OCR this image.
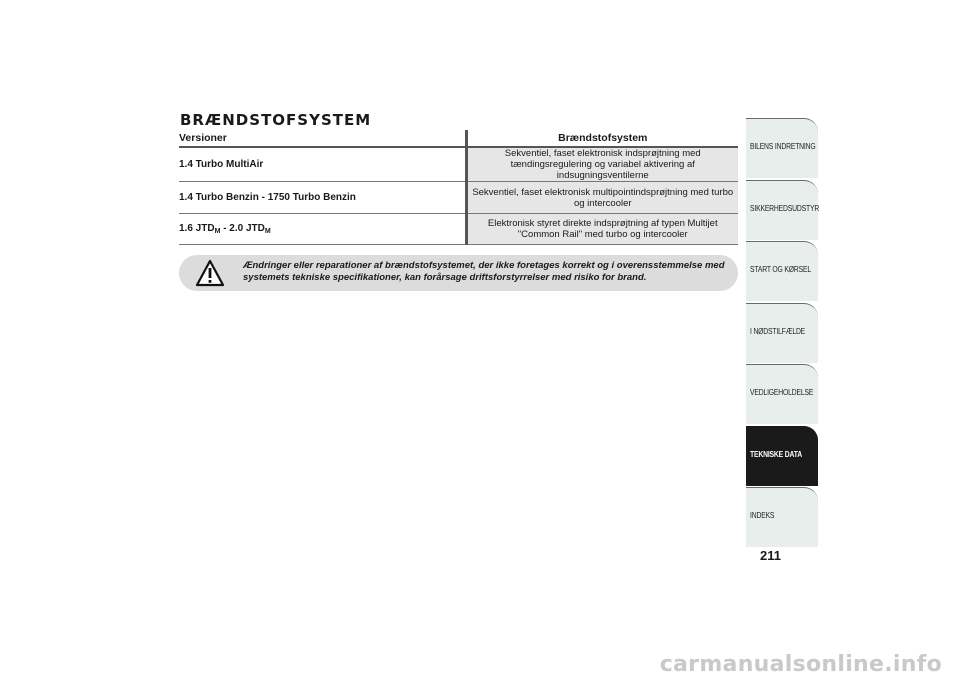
BRÆNDSTOFSYSTEM
Versioner	Brændstofsystem
1.4 Turbo MultiAir	Sekventiel, faset elektronisk indsprøjtning med tændingsregulering og variabel aktivering af indsugningsventilerne
1.4 Turbo Benzin - 1750 Turbo Benzin	Sekventiel, faset elektronisk multipointindsprøjtning med turbo og intercooler
1.6 $JTD_M - 2.0$ $JTD_M$	Elektronisk styret direkte indsprøjtning af typen Multijet "Common Rail" med turbo og intercooler
Ændringer eller reparationer af brændstofsystemet, der ikke foretages korrekt og i overensstemmelse med systemets tekniske specifikationer, kan forårsage driftsforstyrrelser med risiko for brand.
BILENS INDRETNING
SIKKERHEDSUDSTYR
START OG KØRSEL
I NØDSTILFÆLDE
VEDLIGEHOLDELSE
TEKNISKE DATA
INDEKS
211
carmanualsonline.info
